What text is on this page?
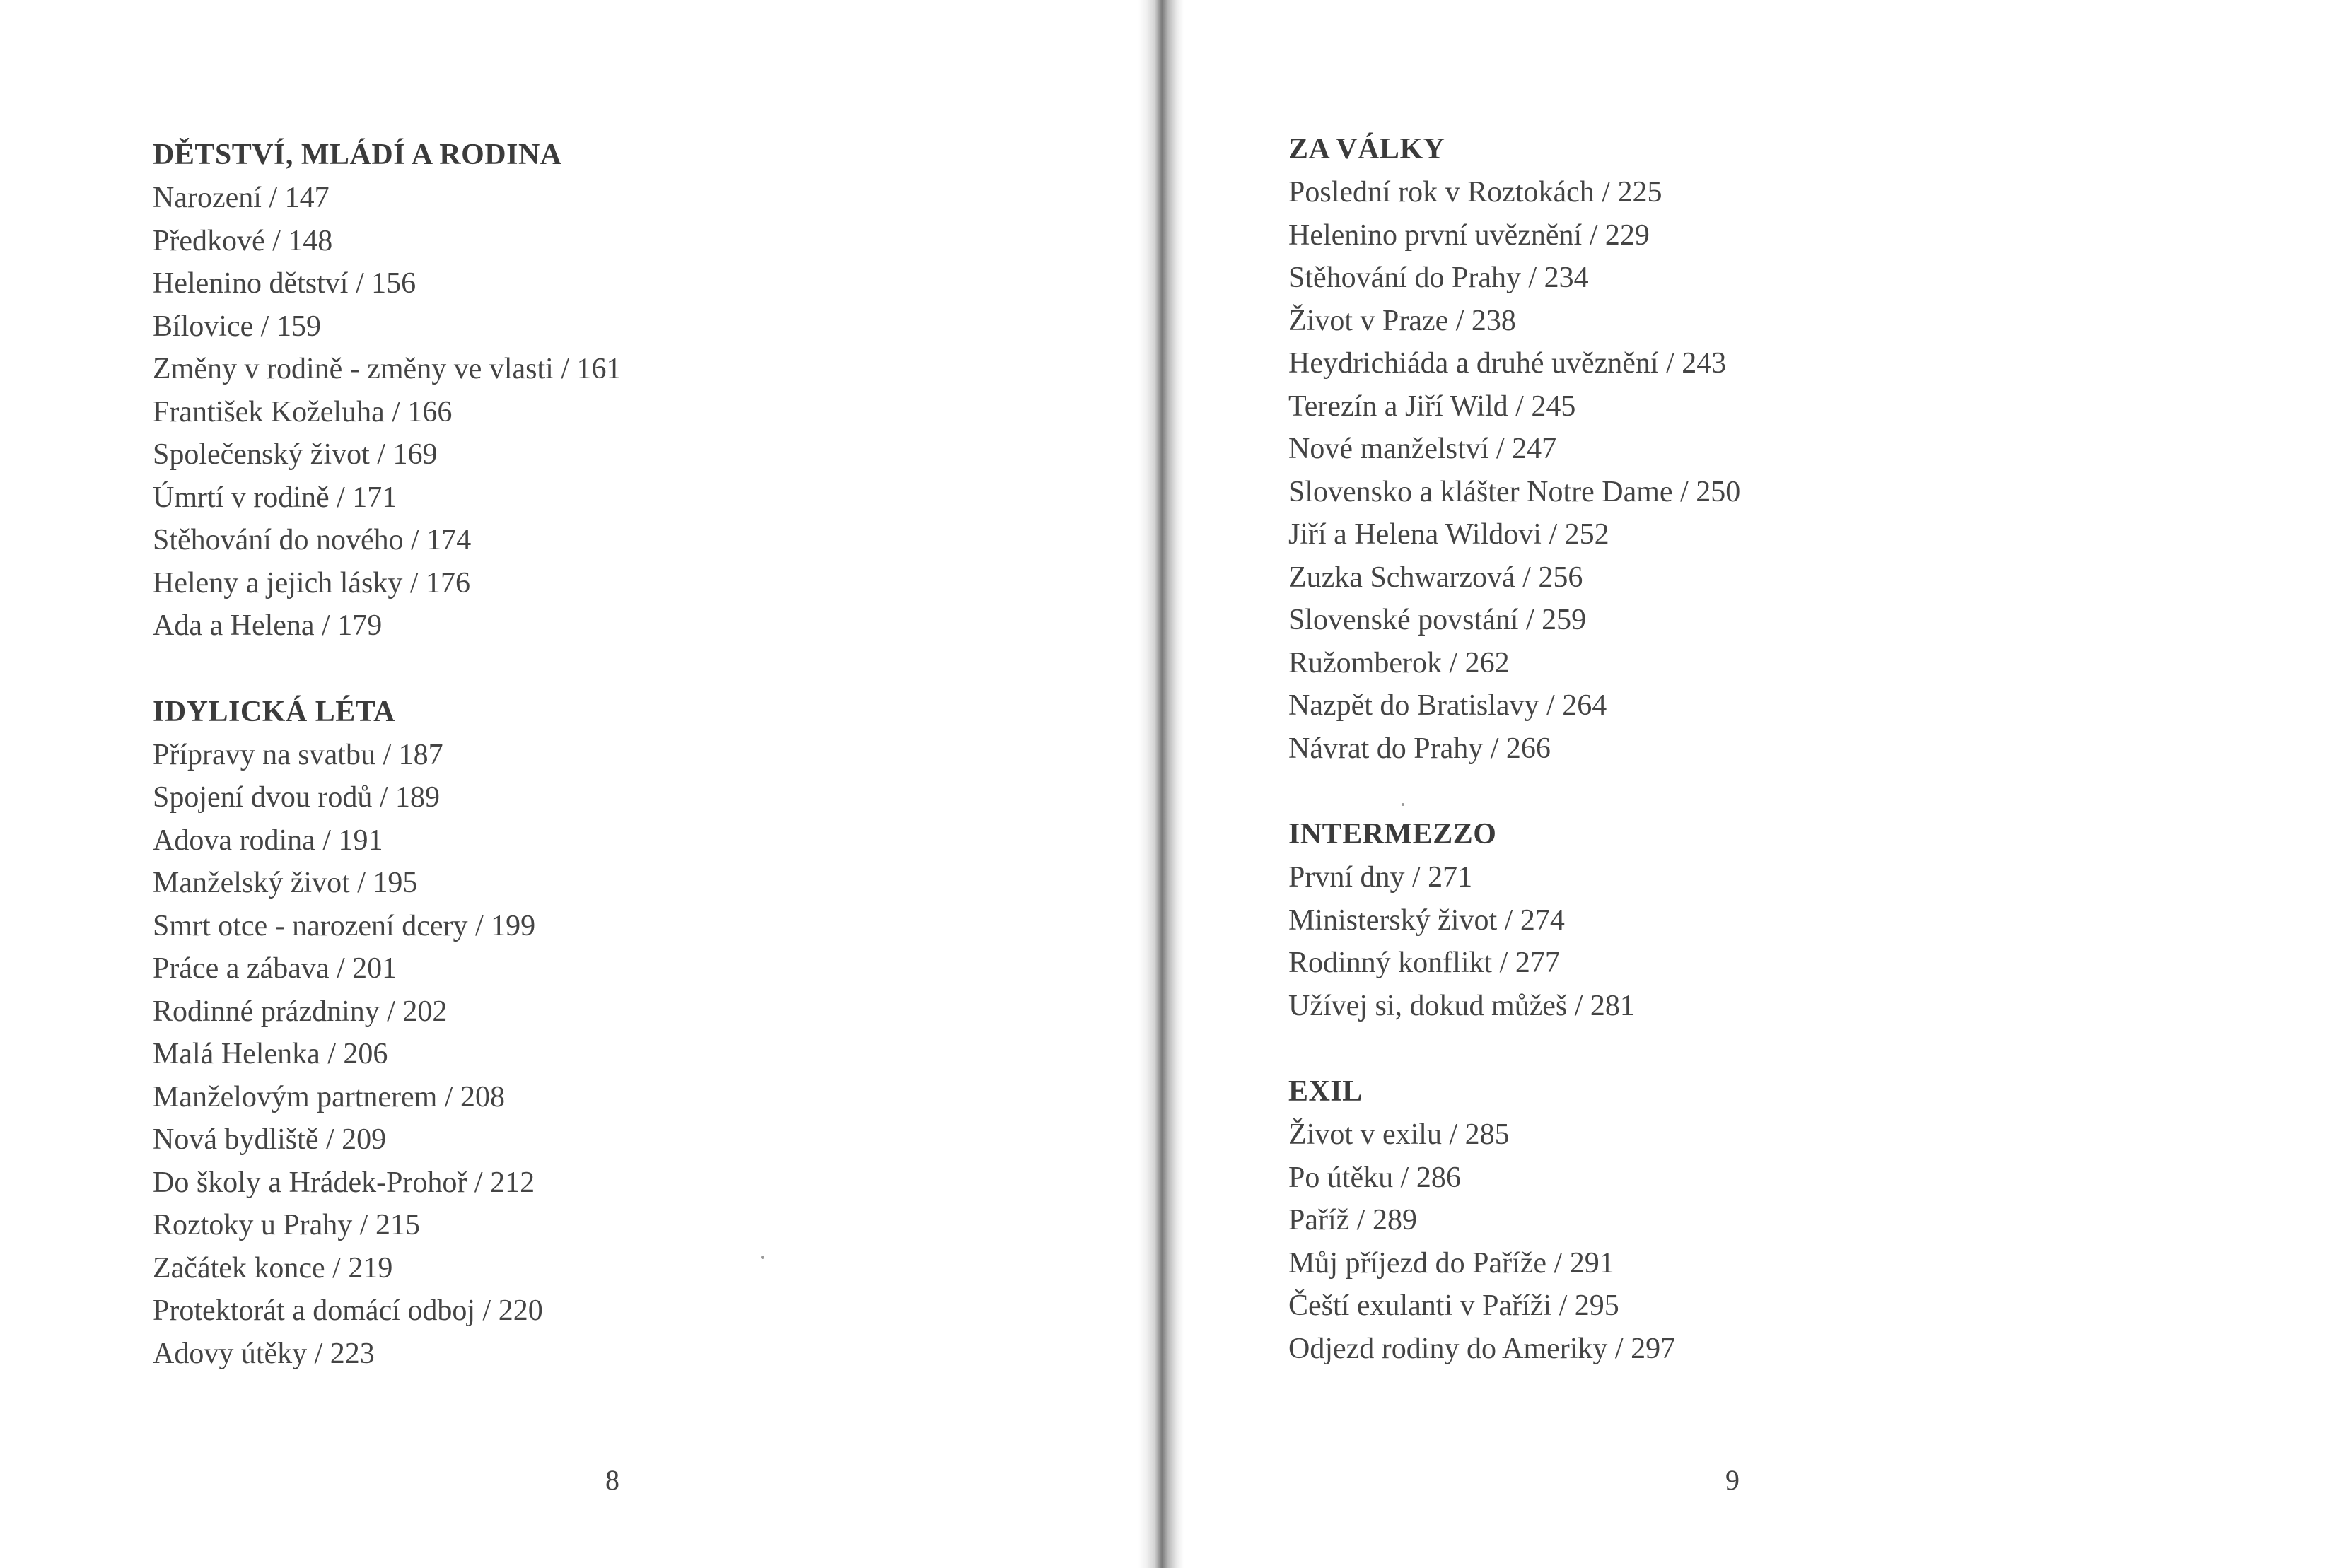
DĚTSTVÍ, MLÁDÍ A RODINA
Narození / 147
Předkové / 148
Helenino dětství / 156
Bílovice / 159
Změny v rodině - změny ve vlasti / 161
František Koželuha / 166
Společenský život / 169
Úmrtí v rodině / 171
Stěhování do nového / 174
Heleny a jejich lásky / 176
Ada a Helena / 179
IDYLICKÁ LÉTA
Přípravy na svatbu / 187
Spojení dvou rodů / 189
Adova rodina / 191
Manželský život / 195
Smrt otce - narození dcery / 199
Práce a zábava / 201
Rodinné prázdniny / 202
Malá Helenka / 206
Manželovým partnerem / 208
Nová bydliště / 209
Do školy a Hrádek-Prohoř / 212
Roztoky u Prahy / 215
Začátek konce / 219
Protektorát a domácí odboj / 220
Adovy útěky / 223
8
ZA VÁLKY
Poslední rok v Roztokách / 225
Helenino první uvěznění / 229
Stěhování do Prahy / 234
Život v Praze / 238
Heydrichiáda a druhé uvěznění / 243
Terezín a Jiří Wild / 245
Nové manželství / 247
Slovensko a klášter Notre Dame / 250
Jiří a Helena Wildovi / 252
Zuzka Schwarzová / 256
Slovenské povstání / 259
Ružomberok / 262
Nazpět do Bratislavy / 264
Návrat do Prahy / 266
INTERMEZZO
První dny / 271
Ministerský život / 274
Rodinný konflikt / 277
Užívej si, dokud můžeš / 281
EXIL
Život v exilu / 285
Po útěku / 286
Paříž / 289
Můj příjezd do Paříže / 291
Čeští exulanti v Paříži / 295
Odjezd rodiny do Ameriky / 297
9
